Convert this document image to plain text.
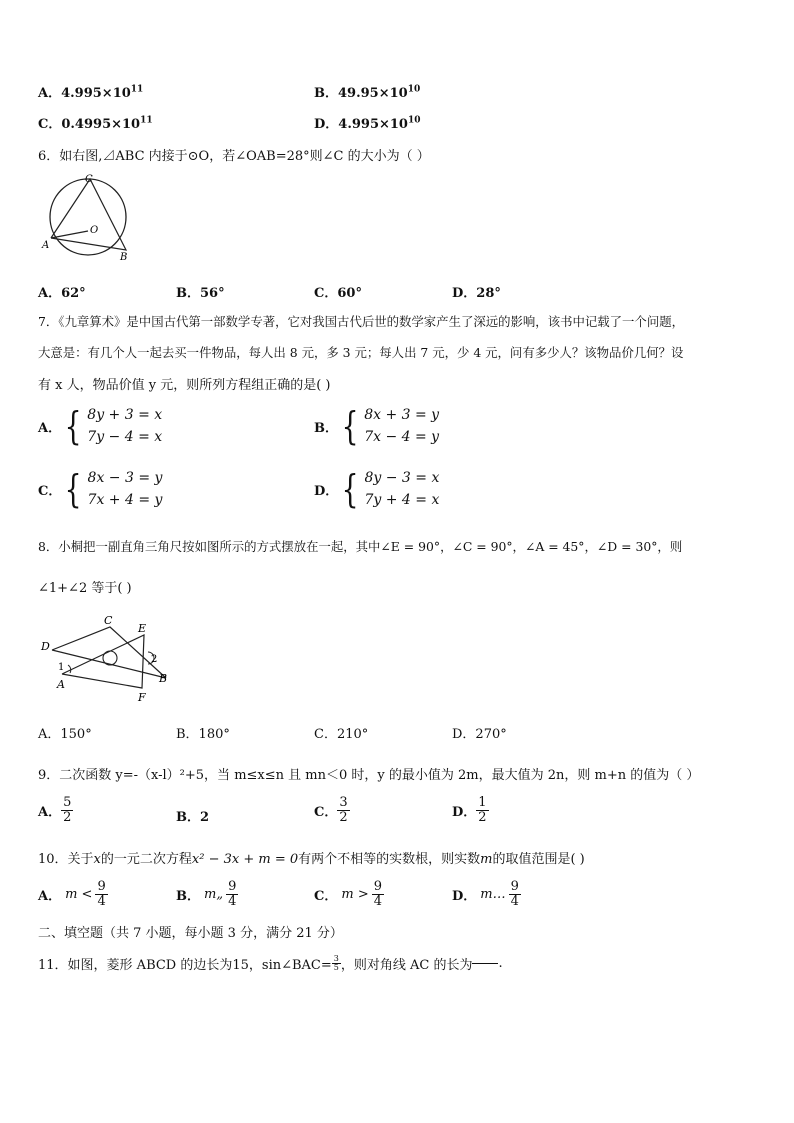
A．$4.995\times 10^{11}$	B．$49.95\times 10^{10}$
C．$0.4995\times 10^{11}$	D．$4.995\times 10^{10}$
6．如右图,⊿ABC 内接于⊙O，若∠OAB=28°则∠C 的大小为（ ）
C
O
A
B
A．62°	B．56°	C．60°	D．28°
7．《九章算术》是中国古代第一部数学专著，它对我国古代后世的数学家产生了深远的影响，该书中记载了一个问题，
大意是：有几个人一起去买一件物品，每人出 8 元，多 3 元；每人出 7 元，少 4 元，问有多少人？该物品价几何？设
有 x 人，物品价值 y 元，则所列方程组正确的是( )
A． { 8y + 3 = x
7y − 4 = x
B． { 8x + 3 = y
7x − 4 = y
C． { 8x − 3 = y
7x + 4 = y
D． { 8y − 3 = x
7y + 4 = x
8．小桐把一副直角三角尺按如图所示的方式摆放在一起，其中∠E = 90°，∠C = 90°，∠A = 45°，∠D = 30°，则
∠1+∠2 等于( )
C
E
D
1
2
A	B
F
A．150°	B．180°	C．210°	D．270°
9．二次函数 y=-（x-l）²+5，当 m≤x≤n 且 mn＜0 时，y 的最小值为 2m，最大值为 2n，则 m+n 的值为（ ）
A． $\frac{5}{2}$	B．2	C． $\frac{3}{2}$	D． $\frac{1}{2}$
10．关于x的一元二次方程x² − 3x + m = 0有两个不相等的实数根，则实数m的取值范围是( )
A． $m < \frac{9}{4}$	B． m„ $\frac{9}{4}$	C． $m > \frac{9}{4}$	D． m… $\frac{9}{4}$
二、填空题（共 7 小题，每小题 3 分，满分 21 分）
11．如图，菱形 ABCD 的边长为15，sin∠BAC= $\frac{3}{5}$ ，则对角线 AC 的长为 .
